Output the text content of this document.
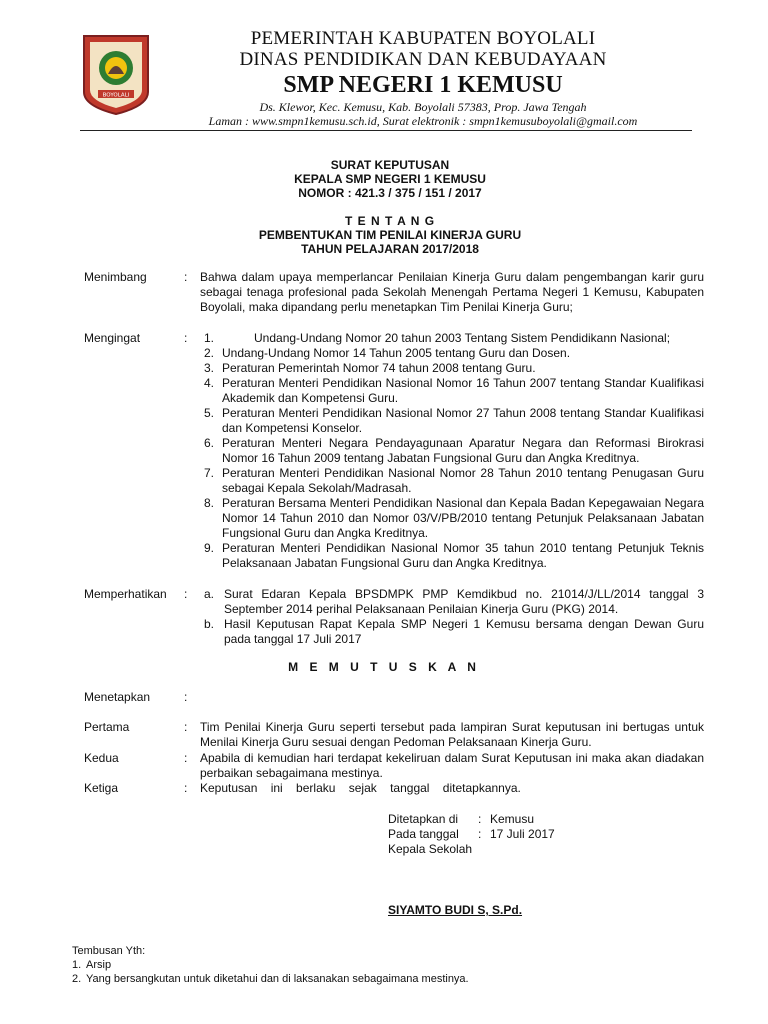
BOYOLALI
PEMERINTAH KABUPATEN BOYOLALI
DINAS PENDIDIKAN DAN KEBUDAYAAN
SMP NEGERI 1 KEMUSU
Ds. Klewor, Kec. Kemusu, Kab. Boyolali 57383, Prop. Jawa Tengah
Laman : www.smpn1kemusu.sch.id, Surat elektronik : smpn1kemusuboyolali@gmail.com
SURAT KEPUTUSAN
KEPALA SMP NEGERI 1 KEMUSU
NOMOR : 421.3 / 375 / 151 / 2017
T E N T A N G
PEMBENTUKAN TIM PENILAI KINERJA GURU
TAHUN PELAJARAN 2017/2018
Menimbang	: Bahwa dalam upaya memperlancar Penilaian Kinerja Guru dalam pengembangan karir guru sebagai tenaga profesional pada Sekolah Menengah Pertama Negeri 1 Kemusu, Kabupaten Boyolali, maka dipandang perlu menetapkan Tim Penilai Kinerja Guru;
Mengingat	: 1.	Undang-Undang Nomor 20 tahun 2003 Tentang Sistem Pendidikann Nasional;
2. Undang-Undang Nomor 14 Tahun 2005 tentang Guru dan Dosen.
3. Peraturan Pemerintah Nomor 74 tahun 2008 tentang Guru.
4. Peraturan Menteri Pendidikan Nasional Nomor 16 Tahun 2007 tentang Standar Kualifikasi Akademik dan Kompetensi Guru.
5. Peraturan Menteri Pendidikan Nasional Nomor 27 Tahun 2008 tentang Standar Kualifikasi dan Kompetensi Konselor.
6. Peraturan Menteri Negara Pendayagunaan Aparatur Negara dan Reformasi Birokrasi Nomor 16 Tahun 2009 tentang Jabatan Fungsional Guru dan Angka Kreditnya.
7. Peraturan Menteri Pendidikan Nasional Nomor 28 Tahun 2010 tentang Penugasan Guru sebagai Kepala Sekolah/Madrasah.
8. Peraturan Bersama Menteri Pendidikan Nasional dan Kepala Badan Kepegawaian Negara Nomor 14 Tahun 2010 dan Nomor 03/V/PB/2010 tentang Petunjuk Pelaksanaan Jabatan Fungsional Guru dan Angka Kreditnya.
9. Peraturan Menteri Pendidikan Nasional Nomor 35 tahun 2010 tentang Petunjuk Teknis Pelaksanaan Jabatan Fungsional Guru dan Angka Kreditnya.
Memperhatikan : a. Surat Edaran Kepala BPSDMPK PMP Kemdikbud no. 21014/J/LL/2014 tanggal 3 September 2014 perihal Pelaksanaan Penilaian Kinerja Guru (PKG) 2014.
b. Hasil Keputusan Rapat Kepala SMP Negeri 1 Kemusu bersama dengan Dewan Guru pada tanggal 17 Juli 2017
M E M U T U S K A N
Menetapkan	:
Pertama	: Tim Penilai Kinerja Guru seperti tersebut pada lampiran Surat keputusan ini bertugas untuk Menilai Kinerja Guru sesuai dengan Pedoman Pelaksanaan Kinerja Guru.
Kedua	: Apabila di kemudian hari terdapat kekeliruan dalam Surat Keputusan ini maka akan diadakan perbaikan sebagaimana mestinya.
Ketiga	: Keputusan ini berlaku sejak tanggal ditetapkannya.
Ditetapkan di	: Kemusu
Pada tanggal	: 17 Juli 2017
Kepala Sekolah
SIYAMTO BUDI S, S.Pd.
Tembusan Yth:
1. Arsip
2. Yang bersangkutan untuk diketahui dan di laksanakan sebagaimana mestinya.
